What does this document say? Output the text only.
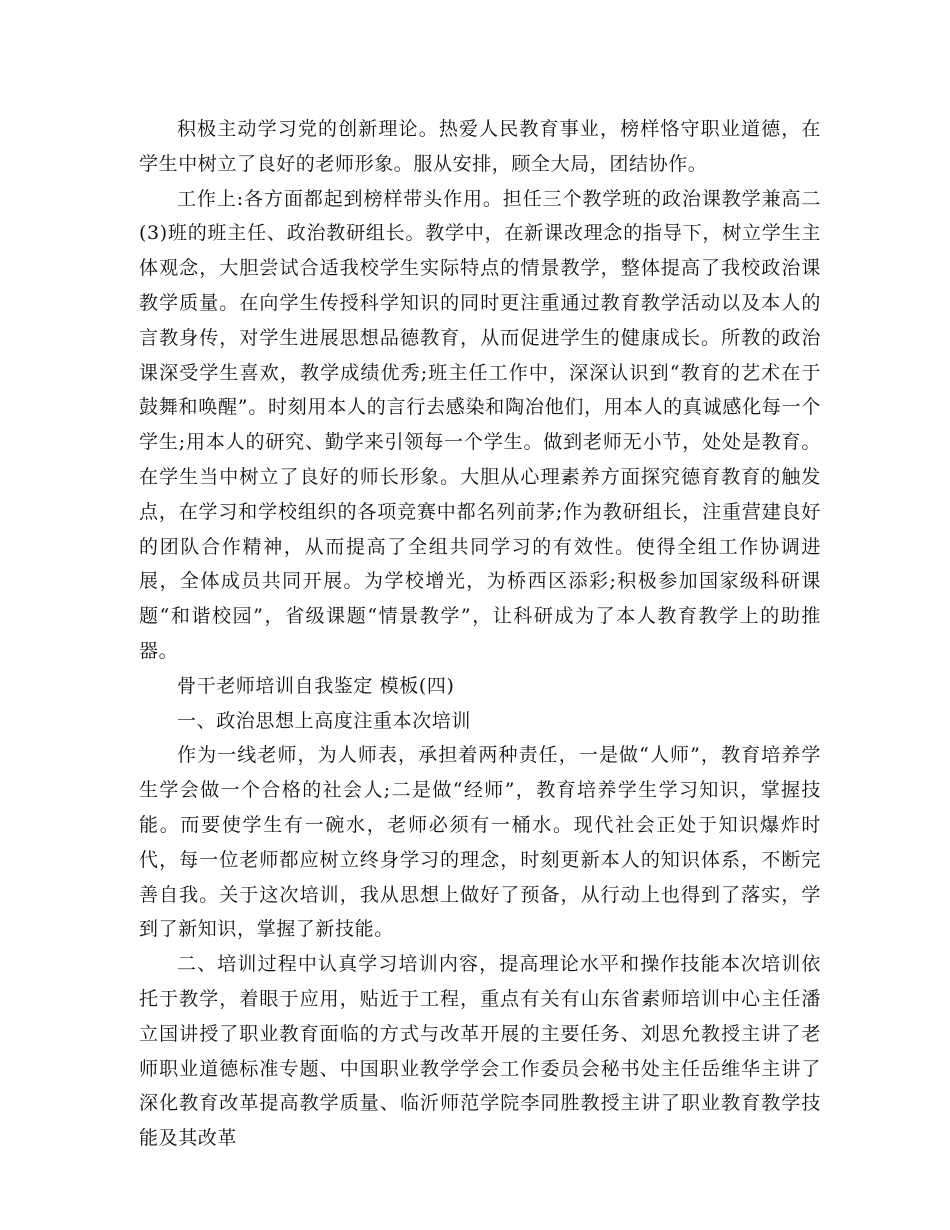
积极主动学习党的创新理论。热爱人民教育事业，榜样恪守职业道德，在学生中树立了良好的老师形象。服从安排，顾全大局，团结协作。

工作上:各方面都起到榜样带头作用。担任三个教学班的政治课教学兼高二(3)班的班主任、政治教研组长。教学中，在新课改理念的指导下，树立学生主体观念，大胆尝试合适我校学生实际特点的情景教学，整体提高了我校政治课教学质量。在向学生传授科学知识的同时更注重通过教育教学活动以及本人的言教身传，对学生进展思想品德教育，从而促进学生的健康成长。所教的政治课深受学生喜欢，教学成绩优秀;班主任工作中，深深认识到“教育的艺术在于鼓舞和唤醒”。时刻用本人的言行去感染和陶冶他们，用本人的真诚感化每一个学生;用本人的研究、勤学来引领每一个学生。做到老师无小节，处处是教育。在学生当中树立了良好的师长形象。大胆从心理素养方面探究德育教育的触发点，在学习和学校组织的各项竞赛中都名列前茅;作为教研组长，注重营建良好的团队合作精神，从而提高了全组共同学习的有效性。使得全组工作协调进展，全体成员共同开展。为学校增光，为桥西区添彩;积极参加国家级科研课题“和谐校园”，省级课题“情景教学”，让科研成为了本人教育教学上的助推器。

骨干老师培训自我鉴定 模板(四)

一、政治思想上高度注重本次培训

作为一线老师，为人师表，承担着两种责任，一是做“人师”，教育培养学生学会做一个合格的社会人;二是做“经师”，教育培养学生学习知识，掌握技能。而要使学生有一碗水，老师必须有一桶水。现代社会正处于知识爆炸时代，每一位老师都应树立终身学习的理念，时刻更新本人的知识体系，不断完善自我。关于这次培训，我从思想上做好了预备，从行动上也得到了落实，学到了新知识，掌握了新技能。

二、培训过程中认真学习培训内容，提高理论水平和操作技能本次培训依托于教学，着眼于应用，贴近于工程，重点有关有山东省素师培训中心主任潘立国讲授了职业教育面临的方式与改革开展的主要任务、刘思允教授主讲了老师职业道德标准专题、中国职业教学学会工作委员会秘书处主任岳维华主讲了深化教育改革提高教学质量、临沂师范学院李同胜教授主讲了职业教育教学技能及其改革
